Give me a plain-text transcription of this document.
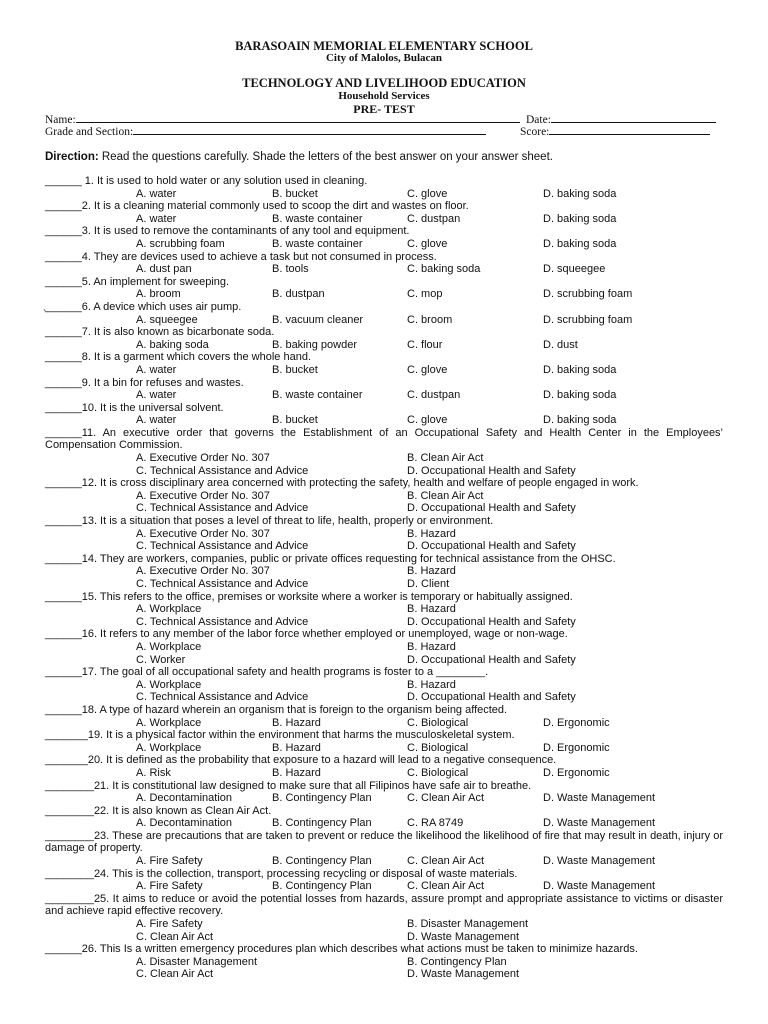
BARASOAIN MEMORIAL ELEMENTARY SCHOOL
City of Malolos, Bulacan
TECHNOLOGY AND LIVELIHOOD EDUCATION
Household Services
PRE- TEST
Name:	Date:
Grade and Section:	Score:
Direction: Read the questions carefully. Shade the letters of the best answer on your answer sheet.
`
______ 1. It is used to hold water or any solution used in cleaning.
A. water	B. bucket	C. glove	D. baking soda
______2. It is a cleaning material commonly used to scoop the dirt and wastes on floor.
A. water	B. waste container	C. dustpan	D. baking soda
______3. It is used to remove the contaminants of any tool and equipment.
A. scrubbing foam	B. waste container	C. glove	D. baking soda
______4. They are devices used to achieve a task but not consumed in process.
A. dust pan	B. tools	C. baking soda	D. squeegee
______5. An implement for sweeping.
A. broom	B. dustpan	C. mop	D. scrubbing foam
______6. A device which uses air pump.
A. squeegee	B. vacuum cleaner	C. broom	D. scrubbing foam
______7. It is also known as bicarbonate soda.
A. baking soda	B. baking powder	C. flour	D. dust
______8. It is a garment which covers the whole hand.
A. water	B. bucket	C. glove	D. baking soda
______9. It a bin for refuses and wastes.
A. water	B. waste container	C. dustpan	D. baking soda
______10. It is the universal solvent.
A. water	B. bucket	C. glove	D. baking soda
______11. An executive order that governs the Establishment of an Occupational Safety and Health Center in the Employees’ Compensation Commission.
A. Executive Order No. 307	B. Clean Air Act
C. Technical Assistance and Advice	D. Occupational Health and Safety
______12. It is cross disciplinary area concerned with protecting the safety, health and welfare of people engaged in work.
A. Executive Order No. 307	B. Clean Air Act
C. Technical Assistance and Advice	D. Occupational Health and Safety
______13. It is a situation that poses a level of threat to life, health, properly or environment.
A. Executive Order No. 307	B. Hazard
C. Technical Assistance and Advice	D. Occupational Health and Safety
______14. They are workers, companies, public or private offices requesting for technical assistance from the OHSC.
A. Executive Order No. 307	B. Hazard
C. Technical Assistance and Advice	D. Client
______15. This refers to the office, premises or worksite where a worker is temporary or habitually assigned.
A. Workplace	B. Hazard
C. Technical Assistance and Advice	D. Occupational Health and Safety
______16. It refers to any member of the labor force whether employed or unemployed, wage or non-wage.
A. Workplace	B. Hazard
C. Worker	D. Occupational Health and Safety
______17. The goal of all occupational safety and health programs is foster to a ________.
A. Workplace	B. Hazard
C. Technical Assistance and Advice	D. Occupational Health and Safety
______18. A type of hazard wherein an organism that is foreign to the organism being affected.
A. Workplace	B. Hazard	C. Biological	D. Ergonomic
_______19. It is a physical factor within the environment that harms the musculoskeletal system.
A. Workplace	B. Hazard	C. Biological	D. Ergonomic
_______20. It is defined as the probability that exposure to a hazard will lead to a negative consequence.
A. Risk	B. Hazard	C. Biological	D. Ergonomic
________21. It is constitutional law designed to make sure that all Filipinos have safe air to breathe.
A. Decontamination	B. Contingency Plan	C. Clean Air Act	D. Waste Management
________22. It is also known as Clean Air Act.
A. Decontamination	B. Contingency Plan	C. RA 8749	D. Waste Management
________23. These are precautions that are taken to prevent or reduce the likelihood the likelihood of fire that may result in death, injury or damage of property.
A. Fire Safety	B. Contingency Plan	C. Clean Air Act	D. Waste Management
________24. This is the collection, transport, processing recycling or disposal of waste materials.
A. Fire Safety	B. Contingency Plan	C. Clean Air Act	D. Waste Management
________25. It aims to reduce or avoid the potential losses from hazards, assure prompt and appropriate assistance to victims or disaster and achieve rapid effective recovery.
A. Fire Safety	B. Disaster Management
C. Clean Air Act	D. Waste Management
______26. This Is a written emergency procedures plan which describes what actions must be taken to minimize hazards.
A. Disaster Management	B. Contingency Plan
C. Clean Air Act	D. Waste Management
